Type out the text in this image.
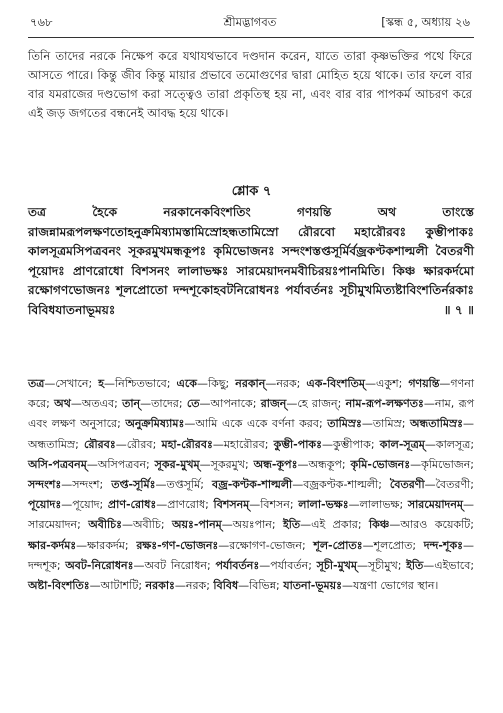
৭৬৮	শ্রীমদ্ভাগবত	[স্কন্ধ ৫, অধ্যায় ২৬
তিনি তাদের নরকে নিক্ষেপ করে যথাযথভাবে দণ্ডদান করেন, যাতে তারা কৃষ্ণভক্তির পথে ফিরে আসতে পারে। কিন্তু জীব কিন্তু মায়ার প্রভাবে তমোগুণের দ্বারা মোহিত হয়ে থাকে। তার ফলে বার বার যমরাজের দণ্ডভোগ করা সত্ত্বেও তারা প্রকৃতিস্থ হয় না, এবং বার বার পাপকর্ম আচরণ করে এই জড় জগতের বন্ধনেই আবদ্ধ হয়ে থাকে।
শ্লোক ৭
তত্র হৈকে নরকানেকবিংশতিং গণয়ন্তি অথ তাংস্তে রাজন্নামরূপলক্ষণতোহনুক্রমিষ্যামস্তামিস্রোহন্ধতামিস্রো রৌরবো মহারৌরবঃ কুম্ভীপাকঃ কালসূত্রমসিপত্রবনং সূকরমুখমন্ধকূপঃ কৃমিভোজনঃ সন্দংশস্তপ্তসূর্মির্বজ্রকণ্টকশাল্মলী বৈতরণী পূয়োদঃ প্রাণরোধো বিশসনং লালাভক্ষঃ সারমেয়াদনমবীচিরয়ঃপানমিতি। কিঞ্চ ক্ষারকর্দমো রক্ষোগণভোজনঃ শূলপ্রোতো দন্দশূকোহবটনিরোধনঃ পর্যাবর্তনঃ সূচীমুখমিত্যষ্টাবিংশতির্নরকাঃ বিবিধযাতনাভূময়ঃ	॥ ৭ ॥
তত্র—সেখানে; হ—নিশ্চিতভাবে; একে—কিছু; নরকান্—নরক; এক-বিংশতিম্—একুশ; গণয়ন্তি—গণনা করে; অথ—অতএব; তান্—তাদের; তে—আপনাকে; রাজন্—হে রাজন্; নাম-রূপ-লক্ষণতঃ—নাম, রূপ এবং লক্ষণ অনুসারে; অনুক্রমিষ্যামঃ—আমি একে একে বর্ণনা করব; তামিস্রঃ—তামিস্র; অন্ধতামিস্রঃ—অন্ধতামিস্র; রৌরবঃ—রৌরব; মহা-রৌরবঃ—মহারৌরব; কুম্ভী-পাকঃ—কুম্ভীপাক; কাল-সূত্রম্—কালসূত্র; অসি-পত্রবনম্—অসিপত্রবন; সূকর-মুখম্—সূকরমুখ; অন্ধ-কূপঃ—অন্ধকূপ; কৃমি-ভোজনঃ—কৃমিভোজন; সন্দংশঃ—সন্দংশ; তপ্ত-সূর্মিঃ—তপ্তসূর্মি; বজ্র-কণ্টক-শাল্মলী—বজ্রকণ্টক-শাল্মলী; বৈতরণী—বৈতরণী; পূয়োদঃ—পূয়োদ; প্রাণ-রোধঃ—প্রাণরোধ; বিশসনম্—বিশসন; লালা-ভক্ষঃ—লালাভক্ষ; সারমেয়াদনম্—সারমেয়াদন; অবীচিঃ—অবীচি; অয়ঃ-পানম্—অয়ঃপান; ইতি—এই প্রকার; কিঞ্চ—আরও কয়েকটি; ক্ষার-কর্দমঃ—ক্ষারকর্দম; রক্ষঃ-গণ-ভোজনঃ—রক্ষোগণ-ভোজন; শূল-প্রোতঃ—শূলপ্রোত; দন্দ-শূকঃ—দন্দশূক; অবট-নিরোধনঃ—অবট নিরোধন; পর্যাবর্তনঃ—পর্যাবর্তন; সূচী-মুখম্—সূচীমুখ; ইতি—এইভাবে; অষ্টা-বিংশতিঃ—আটাশটি; নরকাঃ—নরক; বিবিধ—বিভিন্ন; যাতনা-ভূময়ঃ—যন্ত্রণা ভোগের স্থান।
